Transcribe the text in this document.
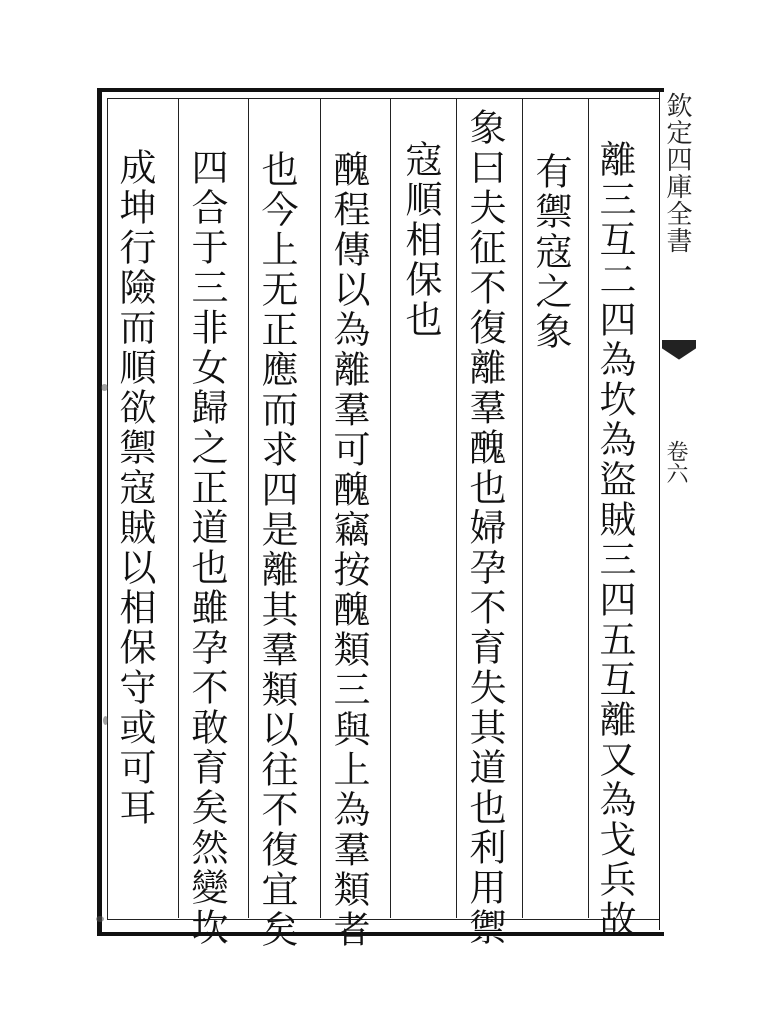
欽定四庫全書
卷六
離三互二四為坎為盜賊三四五互離又為戈兵故
有禦寇之象
象曰夫征不復離羣醜也婦孕不育失其道也利用禦
寇順相保也
醜程傳以為離羣可醜竊按醜類三與上為羣類者
也今上无正應而求四是離其羣類以往不復宜矣
四合于三非女歸之正道也雖孕不敢育矣然變坎
成坤行險而順欲禦寇賊以相保守或可耳
